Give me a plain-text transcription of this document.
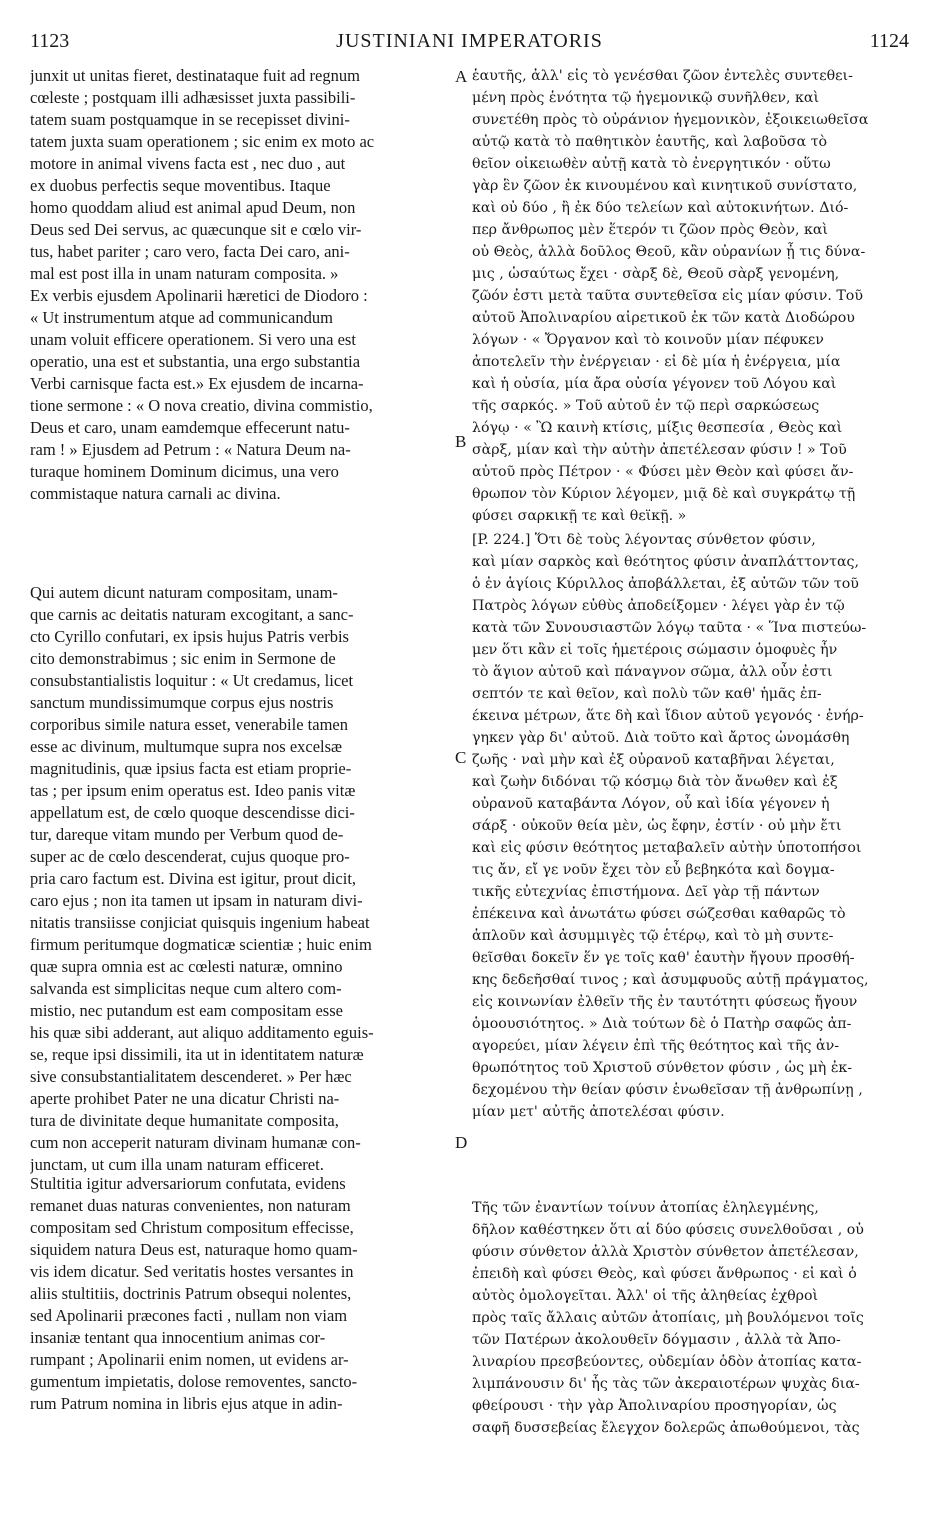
1123	JUSTINIANI IMPERATORIS	1124
junxit ut unitas fieret, destinataque fuit ad regnum
cœleste ; postquam illi adhæsisset juxta passibili-
tatem suam postquamque in se recepisset divini-
tatem juxta suam operationem ; sic enim ex moto ac
motore in animal vivens facta est , nec duo , aut
ex duobus perfectis seque moventibus. Itaque
homo quoddam aliud est animal apud Deum, non
Deus sed Dei servus, ac quæcunque sit e cœlo vir-
tus, habet pariter ; caro vero, facta Dei caro, ani-
mal est post illa in unam naturam composita. »
Ex verbis ejusdem Apolinarii hæretici de Diodoro :
« Ut instrumentum atque ad communicandum
unam voluit efficere operationem. Si vero una est
operatio, una est et substantia, una ergo substantia
Verbi carnisque facta est.» Ex ejusdem de incarna-
tione sermone : « O nova creatio, divina commistio,
Deus et caro, unam eamdemque effecerunt natu-
ram ! » Ejusdem ad Petrum : « Natura Deum na-
turaque hominem Dominum dicimus, una vero
commistaque natura carnali ac divina.
Qui autem dicunt naturam compositam, unam-
que carnis ac deitatis naturam excogitant, a sanc-
cto Cyrillo confutari, ex ipsis hujus Patris verbis
cito demonstrabimus ; sic enim in Sermone de
consubstantialistis loquitur : « Ut credamus, licet
sanctum mundissimumque corpus ejus nostris
corporibus simile natura esset, venerabile tamen
esse ac divinum, multumque supra nos excelsæ
magnitudinis, quæ ipsius facta est etiam proprie-
tas ; per ipsum enim operatus est. Ideo panis vitæ
appellatum est, de cœlo quoque descendisse dici-
tur, dareque vitam mundo per Verbum quod de-
super ac de cœlo descenderat, cujus quoque pro-
pria caro factum est. Divina est igitur, prout dicit,
caro ejus ; non ita tamen ut ipsam in naturam divi-
nitatis transiisse conjiciat quisquis ingenium habeat
firmum peritumque dogmaticæ scientiæ ; huic enim
quæ supra omnia est ac cœlesti naturæ, omnino
salvanda est simplicitas neque cum altero com-
mistio, nec putandum est eam compositam esse
his quæ sibi adderant, aut aliquo additamento eguis-
se, reque ipsi dissimili, ita ut in identitatem naturæ
sive consubstantialitatem descenderet. » Per hæc
aperte prohibet Pater ne una dicatur Christi na-
tura de divinitate deque humanitate composita,
cum non acceperit naturam divinam humanæ con-
junctam, ut cum illa unam naturam efficeret.
Stultitia igitur adversariorum confutata, evidens
remanet duas naturas convenientes, non naturam
compositam sed Christum compositum effecisse,
siquidem natura Deus est, naturaque homo quam-
vis idem dicatur. Sed veritatis hostes versantes in
aliis stultitiis, doctrinis Patrum obsequi nolentes,
sed Apolinarii præcones facti , nullam non viam
insaniæ tentant qua innocentium animas cor-
rumpant ; Apolinarii enim nomen, ut evidens ar-
gumentum impietatis, dolose removentes, sancto-
rum Patrum nomina in libris ejus atque in adin-
ἑαυτῆς, ἀλλ' εἰς τὸ γενέσθαι ζῶον ἐντελὲς συντεθει-
μένη πρὸς ἑνότητα τῷ ἡγεμονικῷ συνῆλθεν, καὶ
συνετέθη πρὸς τὸ οὐράνιον ἡγεμονικὸν, ἐξοικειωθεῖσα
αὐτῷ κατὰ τὸ παθητικὸν ἑαυτῆς, καὶ λαβοῦσα τὸ
θεῖον οἰκειωθὲν αὐτῇ κατὰ τὸ ἐνεργητικόν · οὕτω
γὰρ ἓν ζῶον ἐκ κινουμένου καὶ κινητικοῦ συνίστατο,
καὶ οὐ δύο , ἢ ἐκ δύο τελείων καὶ αὐτοκινήτων. Διό-
περ ἄνθρωπος μὲν ἕτερόν τι ζῶον πρὸς Θεὸν, καὶ
οὐ Θεὸς, ἀλλὰ δοῦλος Θεοῦ, κἂν οὐρανίων ᾖ τις δύνα-
μις , ὡσαύτως ἔχει · σὰρξ δὲ, Θεοῦ σὰρξ γενομένη,
ζῶόν ἐστι μετὰ ταῦτα συντεθεῖσα εἰς μίαν φύσιν. Τοῦ
αὐτοῦ Ἀπολιναρίου αἱρετικοῦ ἐκ τῶν κατὰ Διοδώρου
λόγων · « Ὄργανον καὶ τὸ κοινοῦν μίαν πέφυκεν
ἀποτελεῖν τὴν ἐνέργειαν · εἰ δὲ μία ἡ ἐνέργεια, μία
καὶ ἡ οὐσία, μία ἄρα οὐσία γέγονεν τοῦ Λόγου καὶ
τῆς σαρκός. » Τοῦ αὐτοῦ ἐν τῷ περὶ σαρκώσεως
λόγῳ · « Ὢ καινὴ κτίσις, μίξις θεσπεσία , Θεὸς καὶ
σὰρξ, μίαν καὶ τὴν αὐτὴν ἀπετέλεσαν φύσιν ! » Τοῦ
αὐτοῦ πρὸς Πέτρον · « Φύσει μὲν Θεὸν καὶ φύσει ἄν-
θρωπον τὸν Κύριον λέγομεν, μιᾷ δὲ καὶ συγκράτῳ τῇ
φύσει σαρκικῇ τε καὶ θεϊκῇ. »
[P. 224.] Ὅτι δὲ τοὺς λέγοντας σύνθετον φύσιν,
καὶ μίαν σαρκὸς καὶ θεότητος φύσιν ἀναπλάττοντας,
ὁ ἐν ἁγίοις Κύριλλος ἀποβάλλεται, ἐξ αὐτῶν τῶν τοῦ
Πατρὸς λόγων εὐθὺς ἀποδείξομεν · λέγει γὰρ ἐν τῷ
κατὰ τῶν Συνουσιαστῶν λόγῳ ταῦτα · « Ἵνα πιστεύω-
μεν ὅτι κἂν εἰ τοῖς ἡμετέροις σώμασιν ὁμοφυὲς ἦν
τὸ ἅγιον αὐτοῦ καὶ πάναγνον σῶμα, ἀλλ οὖν ἐστι
σεπτόν τε καὶ θεῖον, καὶ πολὺ τῶν καθ' ἡμᾶς ἐπ-
έκεινα μέτρων, ἅτε δὴ καὶ ἴδιον αὐτοῦ γεγονός · ἐνήρ-
γηκεν γὰρ δι' αὐτοῦ. Διὰ τοῦτο καὶ ἄρτος ὠνομάσθη
ζωῆς · ναὶ μὴν καὶ ἐξ οὐρανοῦ καταβῆναι λέγεται,
καὶ ζωὴν διδόναι τῷ κόσμῳ διὰ τὸν ἄνωθεν καὶ ἐξ
οὐρανοῦ καταβάντα Λόγον, οὗ καὶ ἰδία γέγονεν ἡ
σάρξ · οὐκοῦν θεία μὲν, ὡς ἔφην, ἐστίν · οὐ μὴν ἔτι
καὶ εἰς φύσιν θεότητος μεταβαλεῖν αὐτὴν ὑποτοπήσοι
τις ἄν, εἴ γε νοῦν ἔχει τὸν εὖ βεβηκότα καὶ δογμα-
τικῆς εὐτεχνίας ἐπιστήμονα. Δεῖ γὰρ τῇ πάντων
ἐπέκεινα καὶ ἀνωτάτω φύσει σώζεσθαι καθαρῶς τὸ
ἁπλοῦν καὶ ἀσυμμιγὲς τῷ ἑτέρῳ, καὶ τὸ μὴ συντε-
θεῖσθαι δοκεῖν ἕν γε τοῖς καθ' ἑαυτὴν ἤγουν προσθή-
κης δεδεῆσθαί τινος ; καὶ ἀσυμφυοῦς αὐτῇ πράγματος,
εἰς κοινωνίαν ἐλθεῖν τῆς ἐν ταυτότητι φύσεως ἤγουν
ὁμοουσιότητος. » Διὰ τούτων δὲ ὁ Πατὴρ σαφῶς ἀπ-
αγορεύει, μίαν λέγειν ἐπὶ τῆς θεότητος καὶ τῆς ἀν-
θρωπότητος τοῦ Χριστοῦ σύνθετον φύσιν , ὡς μὴ ἐκ-
δεχομένου τὴν θείαν φύσιν ἑνωθεῖσαν τῇ ἀνθρωπίνῃ ,
μίαν μετ' αὐτῆς ἀποτελέσαι φύσιν.
Τῆς τῶν ἐναντίων τοίνυν ἀτοπίας ἐληλεγμένης,
δῆλον καθέστηκεν ὅτι αἱ δύο φύσεις συνελθοῦσαι , οὐ
φύσιν σύνθετον ἀλλὰ Χριστὸν σύνθετον ἀπετέλεσαν,
ἐπειδὴ καὶ φύσει Θεὸς, καὶ φύσει ἄνθρωπος · εἰ καὶ ὁ
αὐτὸς ὁμολογεῖται. Ἀλλ' οἱ τῆς ἀληθείας ἐχθροὶ
πρὸς ταῖς ἄλλαις αὐτῶν ἀτοπίαις, μὴ βουλόμενοι τοῖς
τῶν Πατέρων ἀκολουθεῖν δόγμασιν , ἀλλὰ τὰ Ἀπο-
λιναρίου πρεσβεύοντες, οὐδεμίαν ὁδὸν ἀτοπίας κατα-
λιμπάνουσιν δι' ἧς τὰς τῶν ἀκεραιοτέρων ψυχὰς δια-
φθείρουσι · τὴν γὰρ Ἀπολιναρίου προσηγορίαν, ὡς
σαφῆ δυσσεβείας ἔλεγχον δολερῶς ἀπωθούμενοι, τὰς
A
B
C
D
